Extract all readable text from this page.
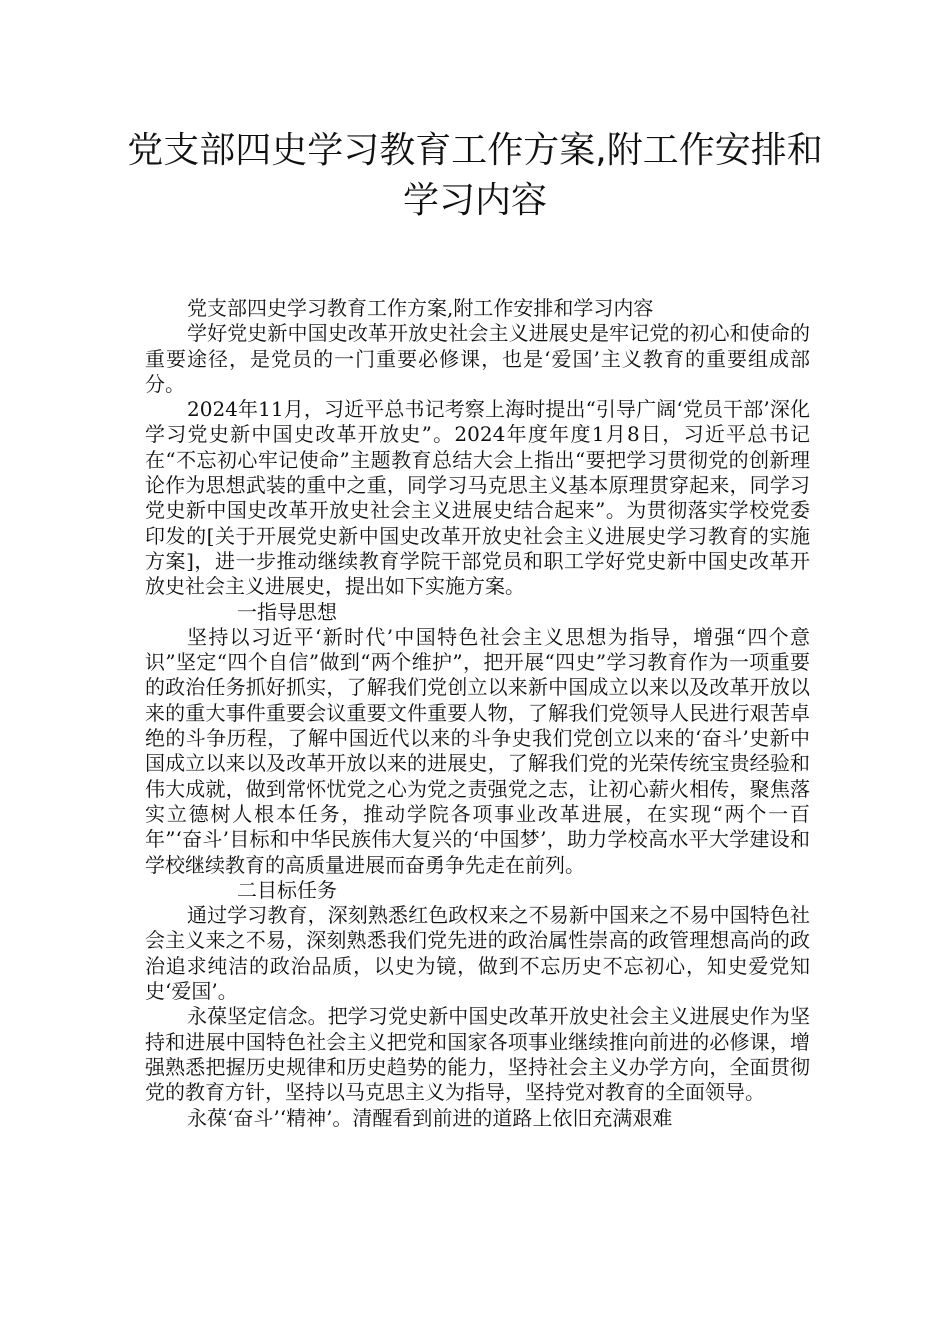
党支部四史学习教育工作方案,附工作安排和学习内容

党支部四史学习教育工作方案,附工作安排和学习内容

学好党史新中国史改革开放史社会主义进展史是牢记党的初心和使命的重要途径，是党员的一门重要必修课，也是‘爱国’主义教育的重要组成部分。

2024年11月，习近平总书记考察上海时提出“引导广阔‘党员干部’深化学习党史新中国史改革开放史”。2024年度年度1月8日，习近平总书记在“不忘初心牢记使命”主题教育总结大会上指出“要把学习贯彻党的创新理论作为思想武装的重中之重，同学习马克思主义基本原理贯穿起来，同学习党史新中国史改革开放史社会主义进展史结合起来”。为贯彻落实学校党委印发的[关于开展党史新中国史改革开放史社会主义进展史学习教育的实施方案]，进一步推动继续教育学院干部党员和职工学好党史新中国史改革开放史社会主义进展史，提出如下实施方案。

一指导思想

坚持以习近平‘新时代’中国特色社会主义思想为指导，增强“四个意识”坚定“四个自信”做到“两个维护”，把开展“四史”学习教育作为一项重要的政治任务抓好抓实，了解我们党创立以来新中国成立以来以及改革开放以来的重大事件重要会议重要文件重要人物，了解我们党领导人民进行艰苦卓绝的斗争历程，了解中国近代以来的斗争史我们党创立以来的‘奋斗’史新中国成立以来以及改革开放以来的进展史，了解我们党的光荣传统宝贵经验和伟大成就，做到常怀忧党之心为党之责强党之志，让初心薪火相传，聚焦落实立德树人根本任务，推动学院各项事业改革进展，在实现“两个一百年”‘奋斗’目标和中华民族伟大复兴的‘中国梦’，助力学校高水平大学建设和学校继续教育的高质量进展而奋勇争先走在前列。

二目标任务

通过学习教育，深刻熟悉红色政权来之不易新中国来之不易中国特色社会主义来之不易，深刻熟悉我们党先进的政治属性崇高的政管理想高尚的政治追求纯洁的政治品质，以史为镜，做到不忘历史不忘初心，知史爱党知史‘爱国’。

永葆坚定信念。把学习党史新中国史改革开放史社会主义进展史作为坚持和进展中国特色社会主义把党和国家各项事业继续推向前进的必修课，增强熟悉把握历史规律和历史趋势的能力，坚持社会主义办学方向，全面贯彻党的教育方针，坚持以马克思主义为指导，坚持党对教育的全面领导。

永葆‘奋斗’‘精神’。清醒看到前进的道路上依旧充满艰难
